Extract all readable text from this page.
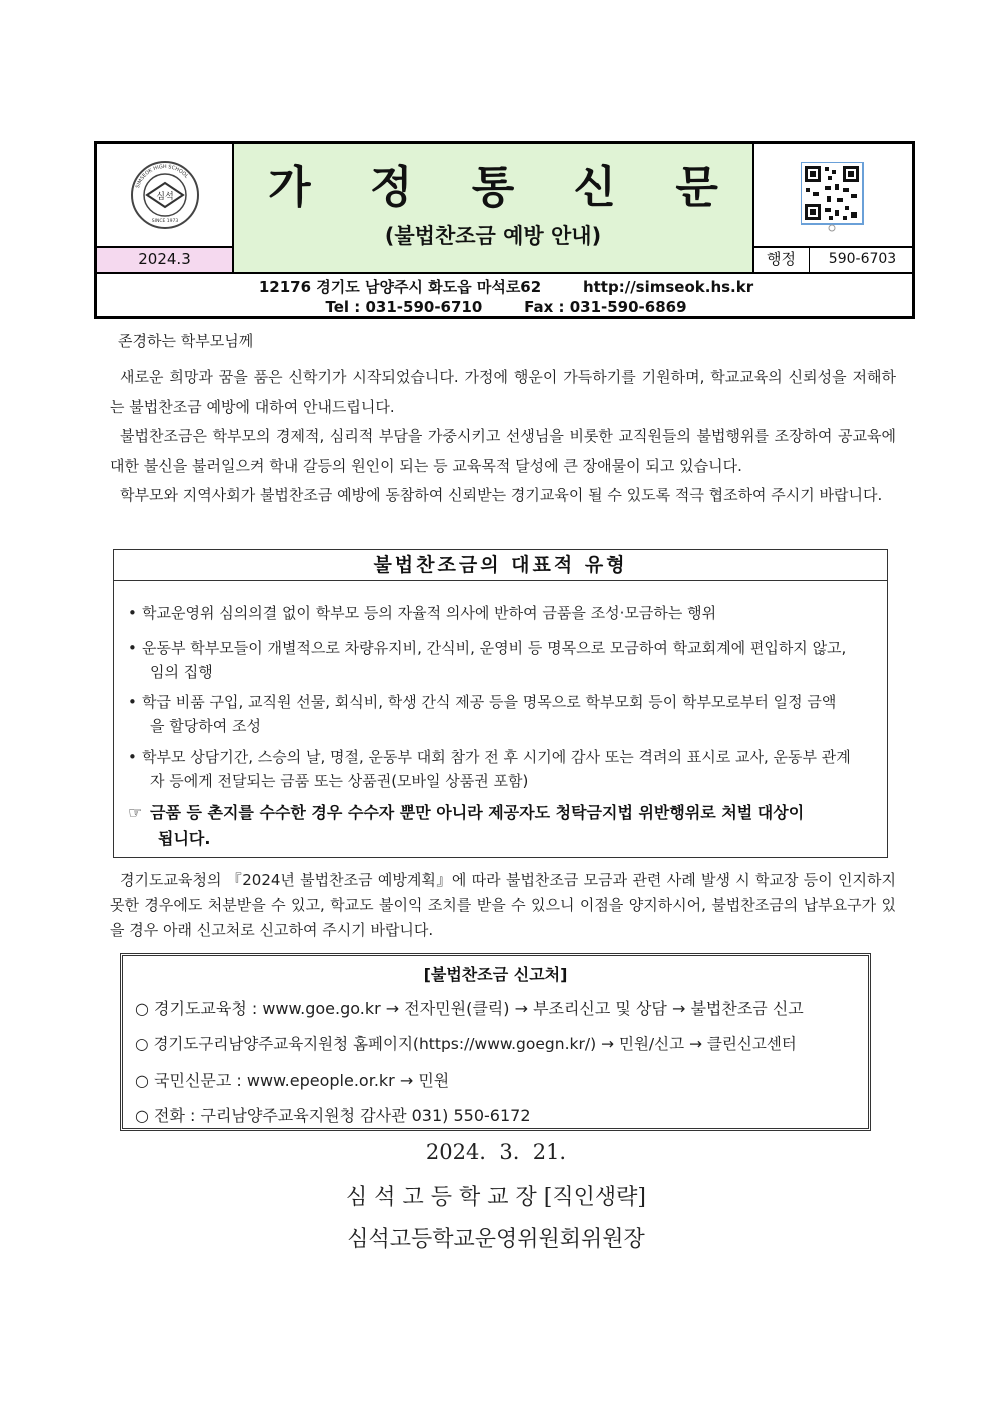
심석
SIMSEOK HIGH SCHOOL
SINCE 1973
2024.3
가 정 통 신 문
(불법찬조금 예방 안내)
행정	590-6703
12176 경기도 남양주시 화도읍 마석로62        http://simseok.hs.kr
Tel : 031-590-6710        Fax : 031-590-6869
존경하는 학부모님께
새로운 희망과 꿈을 품은 신학기가 시작되었습니다. 가정에 행운이 가득하기를 기원하며, 학교교육의 신뢰성을 저해하는 불법찬조금 예방에 대하여 안내드립니다.
불법찬조금은 학부모의 경제적, 심리적 부담을 가중시키고 선생님을 비롯한 교직원들의 불법행위를 조장하여 공교육에 대한 불신을 불러일으켜 학내 갈등의 원인이 되는 등 교육목적 달성에 큰 장애물이 되고 있습니다.
학부모와 지역사회가 불법찬조금 예방에 동참하여 신뢰받는 경기교육이 될 수 있도록 적극 협조하여 주시기 바랍니다.
불법찬조금의 대표적 유형
• 학교운영위 심의의결 없이 학부모 등의 자율적 의사에 반하여 금품을 조성·모금하는 행위
• 운동부 학부모들이 개별적으로 차량유지비, 간식비, 운영비 등 명목으로 모금하여 학교회계에 편입하지 않고,
임의 집행
• 학급 비품 구입, 교직원 선물, 회식비, 학생 간식 제공 등을 명목으로 학부모회 등이 학부모로부터 일정 금액
을 할당하여 조성
• 학부모 상담기간, 스승의 날, 명절, 운동부 대회 참가 전 후 시기에 감사 또는 격려의 표시로 교사, 운동부 관계
자 등에게 전달되는 금품 또는 상품권(모바일 상품권 포함)
☞ 금품 등 촌지를 수수한 경우 수수자 뿐만 아니라 제공자도 청탁금지법 위반행위로 처벌 대상이
됩니다.
경기도교육청의 『2024년 불법찬조금 예방계획』에 따라 불법찬조금 모금과 관련 사례 발생 시 학교장 등이 인지하지 못한 경우에도 처분받을 수 있고, 학교도 불이익 조치를 받을 수 있으니 이점을 양지하시어, 불법찬조금의 납부요구가 있을 경우 아래 신고처로 신고하여 주시기 바랍니다.
[불법찬조금 신고처]
○ 경기도교육청 : www.goe.go.kr → 전자민원(클릭) → 부조리신고 및 상담 → 불법찬조금 신고
○ 경기도구리남양주교육지원청 홈페이지(https://www.goegn.kr/) → 민원/신고 → 클린신고센터
○ 국민신문고 : www.epeople.or.kr → 민원
○ 전화 : 구리남양주교육지원청 감사관 031) 550-6172
2024.  3.  21.
심 석 고 등 학 교 장 [직인생략]
심석고등학교운영위원회위원장
